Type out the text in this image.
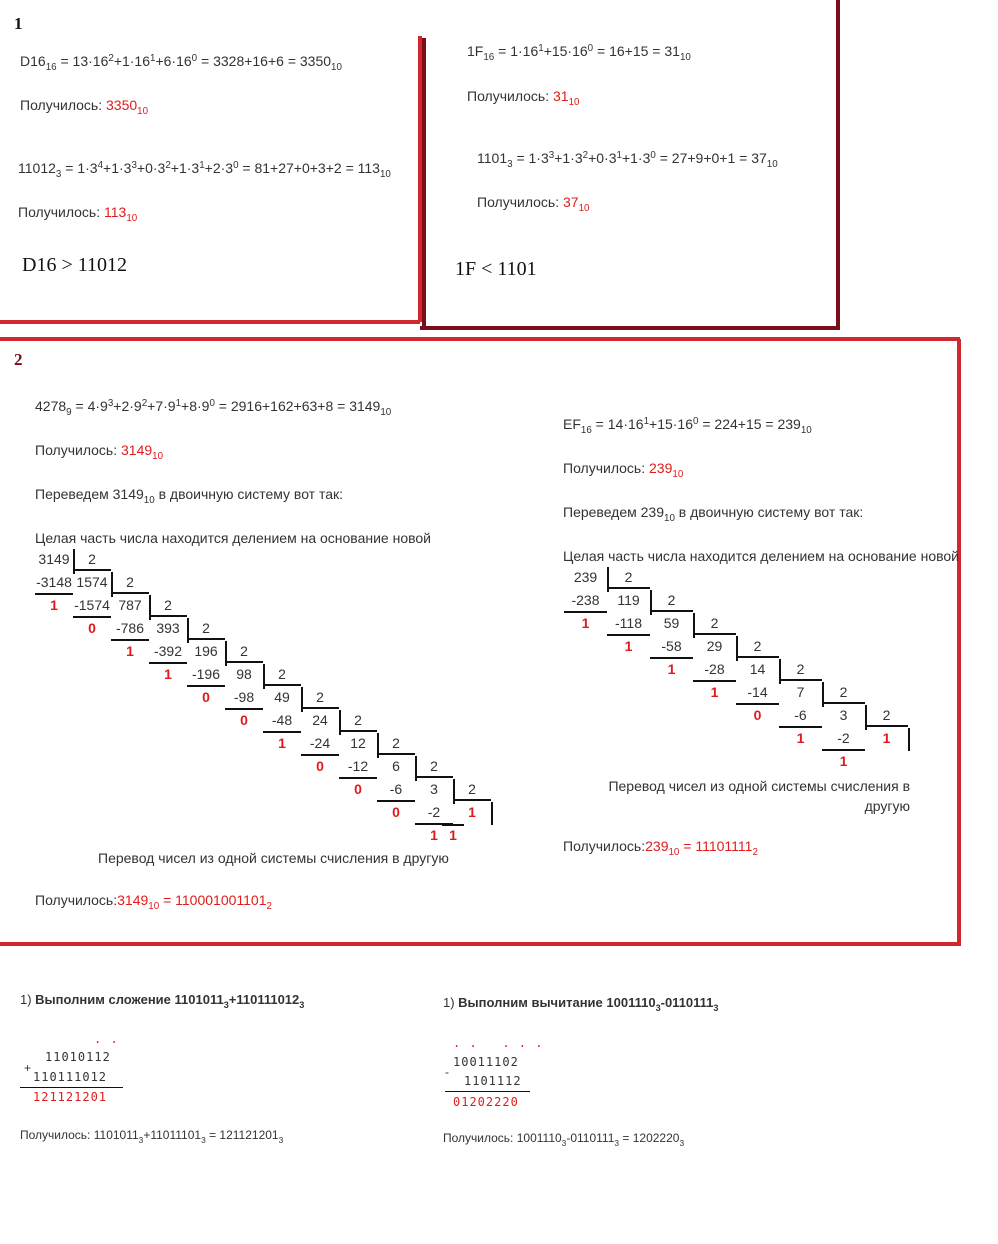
1
$D16_{16} = 13\cdot 16^2+1\cdot 16^1+6\cdot 16^0 = 3328+16+6 = 3350_{10}$
Получилось: $3350_{10}$
$11012_3 = 1\cdot 3^4+1\cdot 3^3+0\cdot 3^2+1\cdot 3^1+2\cdot 3^0 = 81+27+0+3+2 = 113_{10}$
Получилось: $113_{10}$
D16 > 11012
$1F_{16} = 1\cdot 16^1+15\cdot 16^0 = 16+15 = 31_{10}$
Получилось: $31_{10}$
$1101_3 = 1\cdot 3^3+1\cdot 3^2+0\cdot 3^1+1\cdot 3^0 = 27+9+0+1 = 37_{10}$
Получилось: $37_{10}$
1F < 1101
2
$4278_9 = 4\cdot 9^3+2\cdot 9^2+7\cdot 9^1+8\cdot 9^0 = 2916+162+63+8 = 3149_{10}$
Получилось: $3149_{10}$
Переведем $3149_{10}$ в двоичную систему вот так:
Целая часть числа находится делением на основание новой
3149	2
-3148
1
1574	2
-1574
0
787	2
-786
1
393	2
-392
1
196	2
-196
0
98	2
-98
0
49	2
-48
1
24	2
-24
0
12	2
-12
0
6	2
-6
0
3	2
-2
1
1
1
Перевод чисел из одной системы счисления в другую
$Получилось:3149_{10} = 110001001101_2$
$EF_{16} = 14\cdot 16^1+15\cdot 16^0 = 224+15 = 239_{10}$
Получилось: $239_{10}$
Переведем $239_{10}$ в двоичную систему вот так:
Целая часть числа находится делением на основание новой
239	2
-238
1
119	2
-118
1
59	2
-58
1
29	2
-28
1
14	2
-14
0
7	2
-6
1
3	2
-2
1
1
Перевод чисел из одной системы счисления в
другую
$Получилось:239_{10} = 11101111_2$
1) Выполним сложение $1101011_3+110111012_3$
. .
+
11010112
110111012
121121201
Получилось: $1101011_3+11011101_3 = 121121201_3$
1) Выполним вычитание $1001110_3-0110111_3$
. .   . . .
-
10011102
1101112
01202220
Получилось: $1001110_3-0110111_3 = 1202220_3$
